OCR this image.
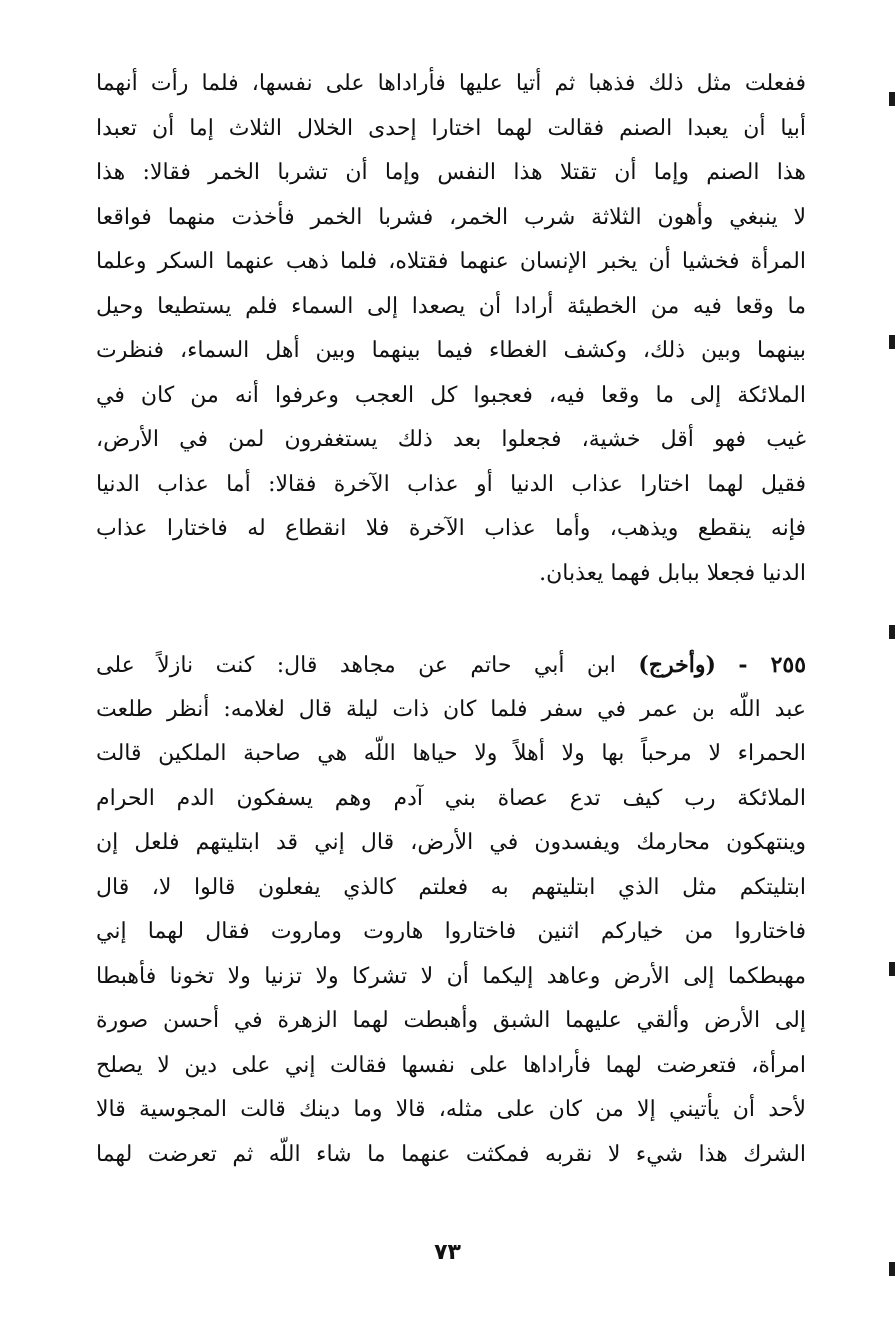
ففعلت مثل ذلك فذهبا ثم أتيا عليها فأراداها على نفسها، فلما رأت أنهما
أبيا أن يعبدا الصنم فقالت لهما اختارا إحدى الخلال الثلاث إما أن تعبدا
هذا الصنم وإما أن تقتلا هذا النفس وإما أن تشربا الخمر فقالا: هذا
لا ينبغي وأهون الثلاثة شرب الخمر، فشربا الخمر فأخذت منهما فواقعا
المرأة فخشيا أن يخبر الإنسان عنهما فقتلاه، فلما ذهب عنهما السكر وعلما
ما وقعا فيه من الخطيئة أرادا أن يصعدا إلى السماء فلم يستطيعا وحيل
بينهما وبين ذلك، وكشف الغطاء فيما بينهما وبين أهل السماء، فنظرت
الملائكة إلى ما وقعا فيه، فعجبوا كل العجب وعرفوا أنه من كان في
غيب فهو أقل خشية، فجعلوا بعد ذلك يستغفرون لمن في الأرض،
فقيل لهما اختارا عذاب الدنيا أو عذاب الآخرة فقالا: أما عذاب الدنيا
فإنه ينقطع ويذهب، وأما عذاب الآخرة فلا انقطاع له فاختارا عذاب
الدنيا فجعلا ببابل فهما يعذبان.
٢٥٥ - (وأخرج) ابن أبي حاتم عن مجاهد قال: كنت نازلاً على
عبد اللّه بن عمر في سفر فلما كان ذات ليلة قال لغلامه: أنظر طلعت
الحمراء لا مرحباً بها ولا أهلاً ولا حياها اللّه هي صاحبة الملكين قالت
الملائكة رب كيف تدع عصاة بني آدم وهم يسفكون الدم الحرام
وينتهكون محارمك ويفسدون في الأرض، قال إني قد ابتليتهم فلعل إن
ابتليتكم مثل الذي ابتليتهم به فعلتم كالذي يفعلون قالوا لا، قال
فاختاروا من خياركم اثنين فاختاروا هاروت وماروت فقال لهما إني
مهبطكما إلى الأرض وعاهد إليكما أن لا تشركا ولا تزنيا ولا تخونا فأهبطا
إلى الأرض وألقي عليهما الشبق وأهبطت لهما الزهرة في أحسن صورة
امرأة، فتعرضت لهما فأراداها على نفسها فقالت إني على دين لا يصلح
لأحد أن يأتيني إلا من كان على مثله، قالا وما دينك قالت المجوسية قالا
الشرك هذا شيء لا نقربه فمكثت عنهما ما شاء اللّه ثم تعرضت لهما
٧٣
